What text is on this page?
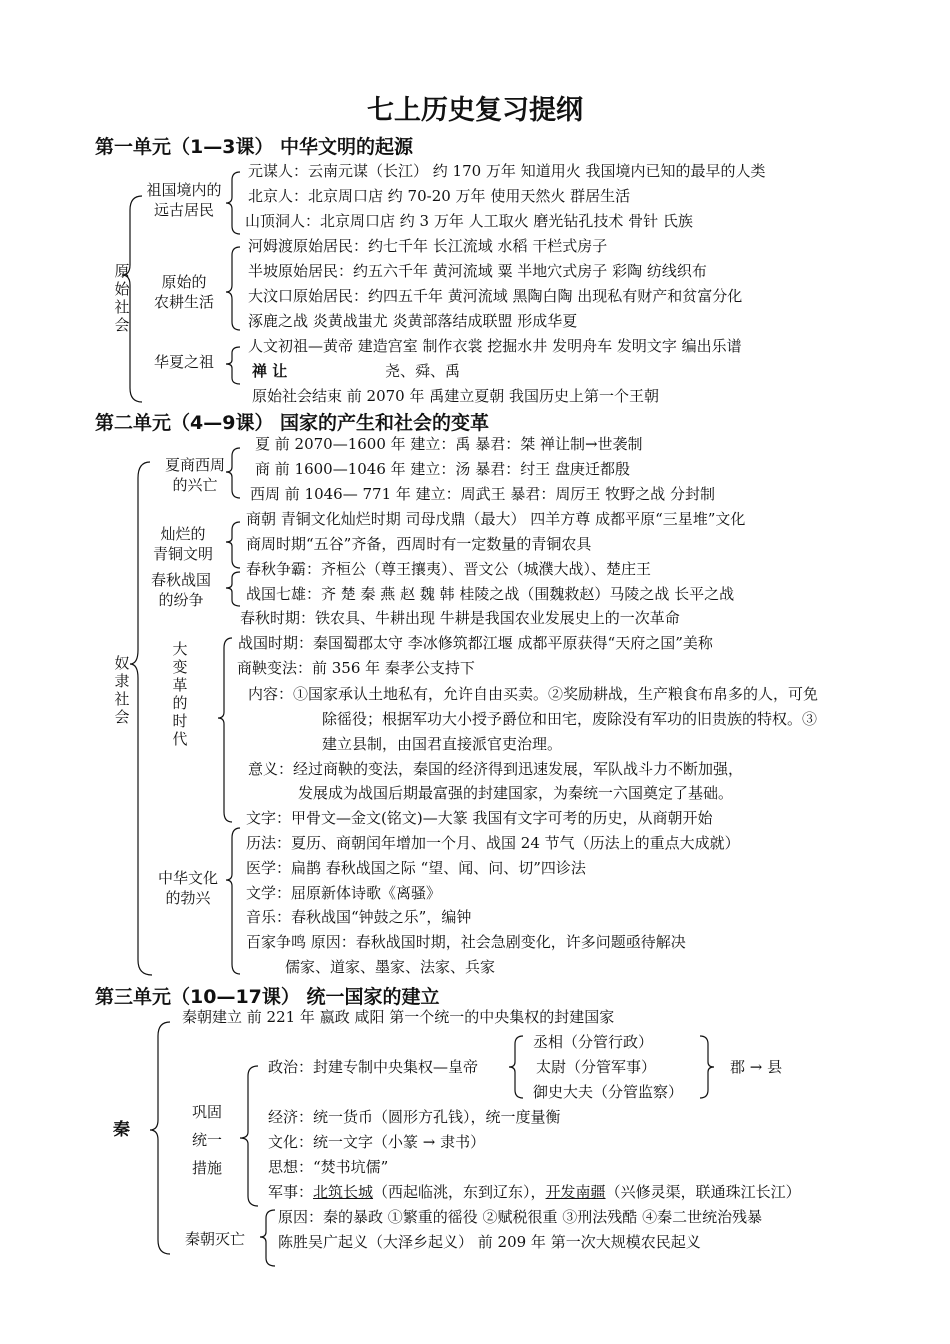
七上历史复习提纲
第一单元（1—3课） 中华文明的起源
原始社会
祖国境内的
远古居民
原始的
农耕生活
华夏之祖
元谋人：云南元谋（长江） 约 170 万年 知道用火 我国境内已知的最早的人类
北京人：北京周口店 约 70-20 万年 使用天然火 群居生活
山顶洞人：北京周口店 约 3 万年 人工取火 磨光钻孔技术 骨针 氏族
河姆渡原始居民：约七千年 长江流域 水稻 干栏式房子
半坡原始居民：约五六千年 黄河流域 粟 半地穴式房子 彩陶 纺线织布
大汶口原始居民：约四五千年 黄河流域 黑陶白陶 出现私有财产和贫富分化
涿鹿之战 炎黄战蚩尤 炎黄部落结成联盟 形成华夏
人文初祖—黄帝 建造宫室 制作衣裳 挖掘水井 发明舟车 发明文字 编出乐谱
禅 让	尧、舜、禹
原始社会结束 前 2070 年 禹建立夏朝 我国历史上第一个王朝
第二单元（4—9课） 国家的产生和社会的变革
奴隶社会
夏商西周
的兴亡
灿烂的
青铜文明
春秋战国
的纷争
大变革的时代
中华文化
的勃兴
夏 前 2070—1600 年 建立：禹 暴君：桀 禅让制→世袭制
商 前 1600—1046 年 建立：汤 暴君：纣王 盘庚迁都殷
西周 前 1046— 771 年 建立：周武王 暴君：周厉王 牧野之战 分封制
商朝 青铜文化灿烂时期 司母戊鼎（最大） 四羊方尊 成都平原“三星堆”文化
商周时期“五谷”齐备，西周时有一定数量的青铜农具
春秋争霸：齐桓公（尊王攘夷）、晋文公（城濮大战）、楚庄王
战国七雄：齐 楚 秦 燕 赵 魏 韩 桂陵之战（围魏救赵）马陵之战 长平之战
春秋时期：铁农具、牛耕出现 牛耕是我国农业发展史上的一次革命
战国时期：秦国蜀郡太守 李冰修筑都江堰 成都平原获得“天府之国”美称
商鞅变法：前 356 年 秦孝公支持下
内容：①国家承认土地私有，允许自由买卖。②奖励耕战，生产粮食布帛多的人，可免
除徭役；根据军功大小授予爵位和田宅，废除没有军功的旧贵族的特权。③
建立县制，由国君直接派官吏治理。
意义：经过商鞅的变法，秦国的经济得到迅速发展，军队战斗力不断加强，
发展成为战国后期最富强的封建国家，为秦统一六国奠定了基础。
文字：甲骨文—金文(铭文)—大篆 我国有文字可考的历史，从商朝开始
历法：夏历、商朝闰年增加一个月、战国 24 节气（历法上的重点大成就）
医学：扁鹊 春秋战国之际 “望、闻、问、切”四诊法
文学：屈原新体诗歌《离骚》
音乐：春秋战国“钟鼓之乐”，编钟
百家争鸣 原因：春秋战国时期，社会急剧变化，许多问题亟待解决
儒家、道家、墨家、法家、兵家
第三单元（10—17课） 统一国家的建立
秦
秦朝建立 前 221 年 嬴政 咸阳 第一个统一的中央集权的封建国家
巩固
统一
措施
政治：封建专制中央集权—皇帝
丞相（分管行政）
太尉（分管军事）
御史大夫（分管监察）
郡 → 县
经济：统一货币（圆形方孔钱），统一度量衡
文化：统一文字（小篆 → 隶书）
思想：“焚书坑儒”
军事：北筑长城（西起临洮，东到辽东），开发南疆（兴修灵渠，联通珠江长江）
秦朝灭亡
原因：秦的暴政 ①繁重的徭役 ②赋税很重 ③刑法残酷 ④秦二世统治残暴
陈胜吴广起义（大泽乡起义） 前 209 年 第一次大规模农民起义
